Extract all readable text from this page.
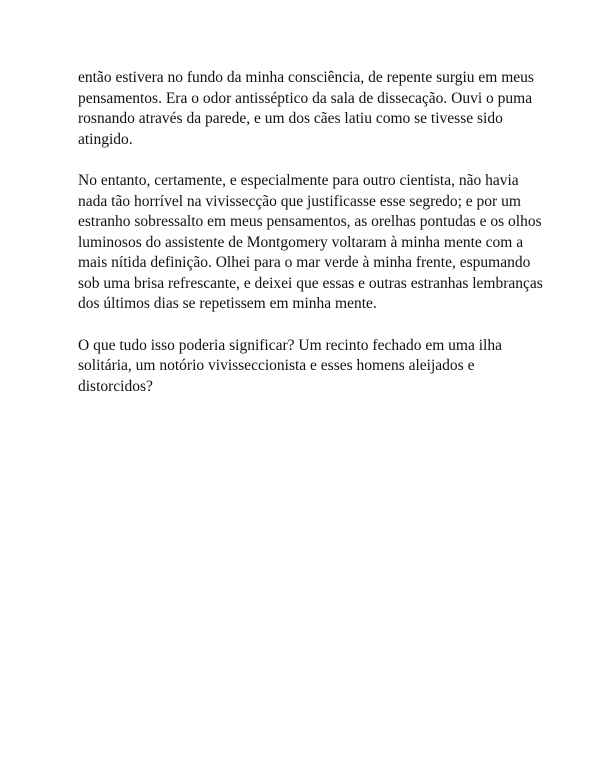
então estivera no fundo da minha consciência, de repente surgiu em meus
pensamentos. Era o odor antisséptico da sala de dissecação. Ouvi o puma
rosnando através da parede, e um dos cães latiu como se tivesse sido
atingido.

No entanto, certamente, e especialmente para outro cientista, não havia
nada tão horrível na vivissecção que justificasse esse segredo; e por um
estranho sobressalto em meus pensamentos, as orelhas pontudas e os olhos
luminosos do assistente de Montgomery voltaram à minha mente com a
mais nítida definição. Olhei para o mar verde à minha frente, espumando
sob uma brisa refrescante, e deixei que essas e outras estranhas lembranças
dos últimos dias se repetissem em minha mente.

O que tudo isso poderia significar? Um recinto fechado em uma ilha
solitária, um notório vivisseccionista e esses homens aleijados e
distorcidos?
